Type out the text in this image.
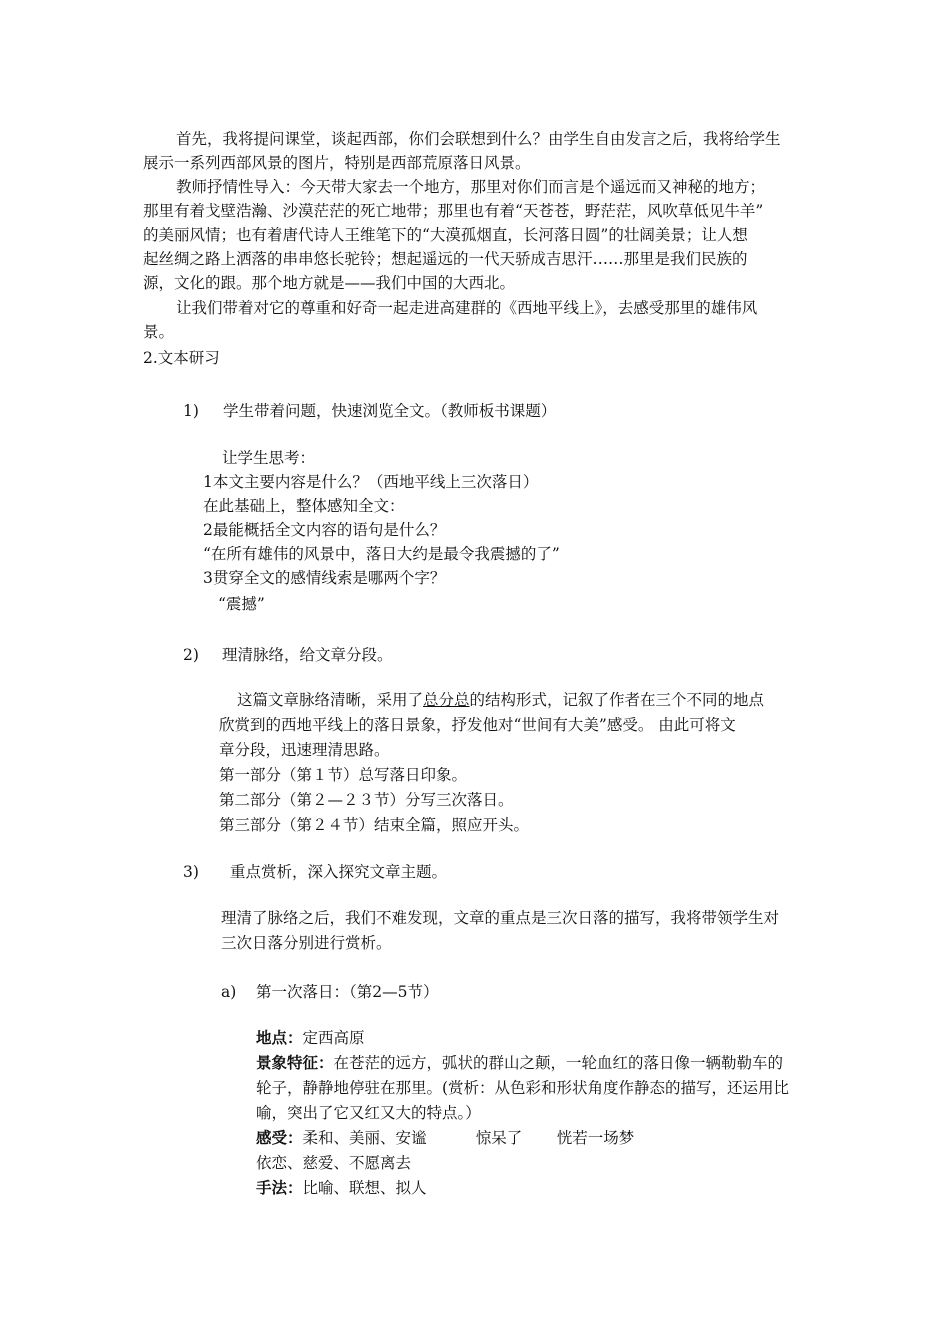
首先，我将提问课堂，谈起西部，你们会联想到什么？由学生自由发言之后，我将给学生
展示一系列西部风景的图片，特别是西部荒原落日风景。
教师抒情性导入：今天带大家去一个地方，那里对你们而言是个遥远而又神秘的地方；
那里有着戈壁浩瀚、沙漠茫茫的死亡地带；那里也有着“天苍苍，野茫茫，风吹草低见牛羊”
的美丽风情；也有着唐代诗人王维笔下的“大漠孤烟直，长河落日圆”的壮阔美景；让人想
起丝绸之路上洒落的串串悠长驼铃；想起遥远的一代天骄成吉思汗……那里是我们民族的
源，文化的跟。那个地方就是——我们中国的大西北。
让我们带着对它的尊重和好奇一起走进高建群的《西地平线上》，去感受那里的雄伟风
景。
2.文本研习
1) 学生带着问题，快速浏览全文。（教师板书课题）
让学生思考：
1本文主要内容是什么？（西地平线上三次落日）
在此基础上，整体感知全文：
2最能概括全文内容的语句是什么？
“在所有雄伟的风景中，落日大约是最令我震撼的了”
3贯穿全文的感情线索是哪两个字？
“震撼”
2) 理清脉络，给文章分段。
这篇文章脉络清晰，采用了总分总的结构形式，记叙了作者在三个不同的地点
欣赏到的西地平线上的落日景象，抒发他对“世间有大美”感受。 由此可将文
章分段，迅速理清思路。
第一部分（第１节）总写落日印象。
第二部分（第２—２３节）分写三次落日。
第三部分（第２４节）结束全篇，照应开头。
3) 重点赏析，深入探究文章主题。
理清了脉络之后，我们不难发现，文章的重点是三次日落的描写，我将带领学生对
三次日落分别进行赏析。
a) 第一次落日：（第2—5节）
地点：定西高原
景象特征：在苍茫的远方，弧状的群山之颠，一轮血红的落日像一辆勒勒车的
轮子，静静地停驻在那里。(赏析：从色彩和形状角度作静态的描写，还运用比
喻，突出了它又红又大的特点。）
感受：柔和、美丽、安谧          惊呆了       恍若一场梦
依恋、慈爱、不愿离去
手法：比喻、联想、拟人
